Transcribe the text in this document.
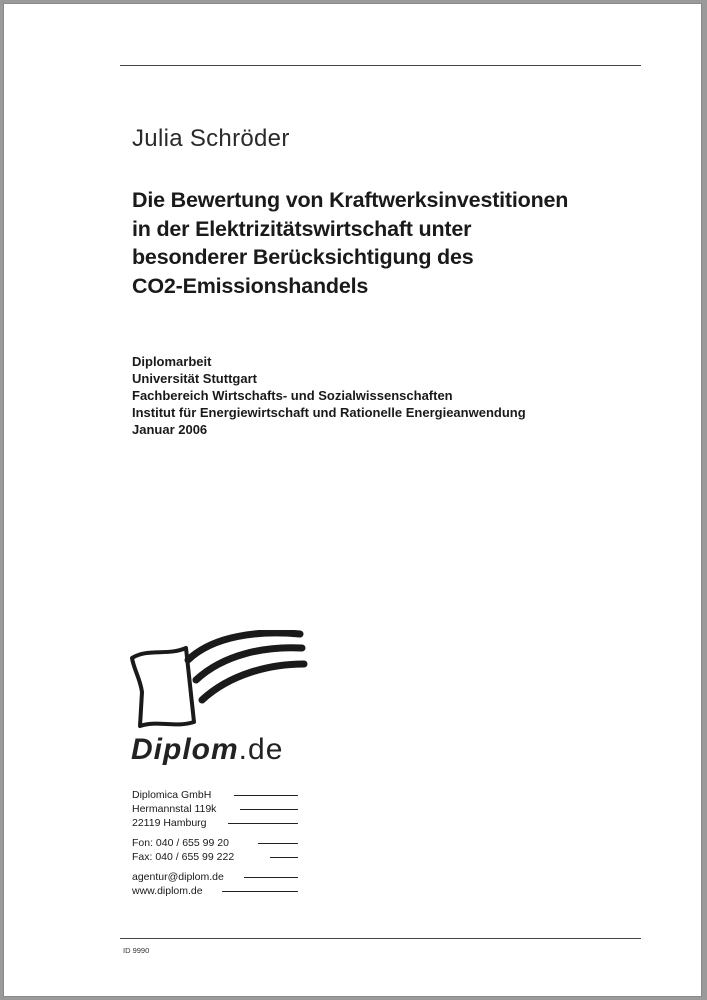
Julia Schröder
Die Bewertung von Kraftwerksinvestitionen
in der Elektrizitätswirtschaft unter
besonderer Berücksichtigung des
CO2-Emissionshandels
Diplomarbeit
Universität Stuttgart
Fachbereich Wirtschafts- und Sozialwissenschaften
Institut für Energiewirtschaft und Rationelle Energieanwendung
Januar 2006
Diplom.de
Diplomica GmbH
Hermannstal 119k
22119 Hamburg
Fon: 040 / 655 99 20
Fax: 040 / 655 99 222
agentur@diplom.de
www.diplom.de
ID 9990
